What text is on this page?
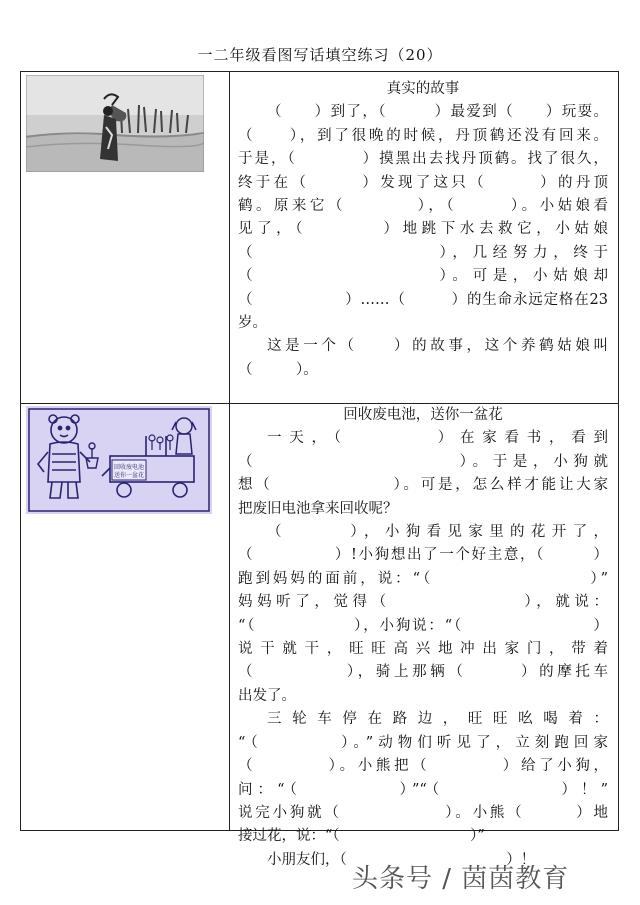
一二年级看图写话填空练习（20）
回收废电池
送你一盆花
真实的故事

（　　）到了，（　　　）最爱到（　　）玩耍。

（　　），到了很晚的时候，丹顶鹤还没有回来。

于是，（　　　　）摸黑出去找丹顶鹤。找了很久，

终于在（　　　）发现了这只（　　　）的丹顶

鹤。原来它（　　　　），（　　　）。小姑娘看

见了，（　　　　）地跳下水去救它，小姑娘

（　　　　　　　　　），几经努力，终于

（　　　　　　　　　）。可是，小姑娘却

（　　　　　　）……（　　　）的生命永远定格在23

岁。

这是一个（　　）的故事，这个养鹤姑娘叫

（　　　）。

回收废电池，送你一盆花

一天，（　　　　）在家看书，看到

（　　　　　　　　　　）。于是，小狗就

想（　　　　　　　）。可是，怎么样才能让大家

把废旧电池拿来回收呢？

（　　　），小狗看见家里的花开了，

（　　　　　）!小狗想出了一个好主意，（　　　）

跑到妈妈的面前，说：“（　　　　　　　　　）”

妈妈听了，觉得（　　　　　　　），就说：

“（　　　　　　），小狗说：“（　　　　　　　　）

说干就干，旺旺高兴地冲出家门，带着

（　　　　　），骑上那辆（　　　）的摩托车

出发了。

三轮车停在路边，旺旺吆喝着：

“（　　　　）。”动物们听见了，立刻跑回家

（　　　　）。小熊把（　　　　）给了小狗，

问：“（　　　　　）”“（　　　　　　）！”

说完小狗就（　　　　　　）。小熊（　　　）地

接过花，说：“（　　　　　　　　　）”

小朋友们，（　　　　　　　　　　　）！

头条号 / 茵茵教育
